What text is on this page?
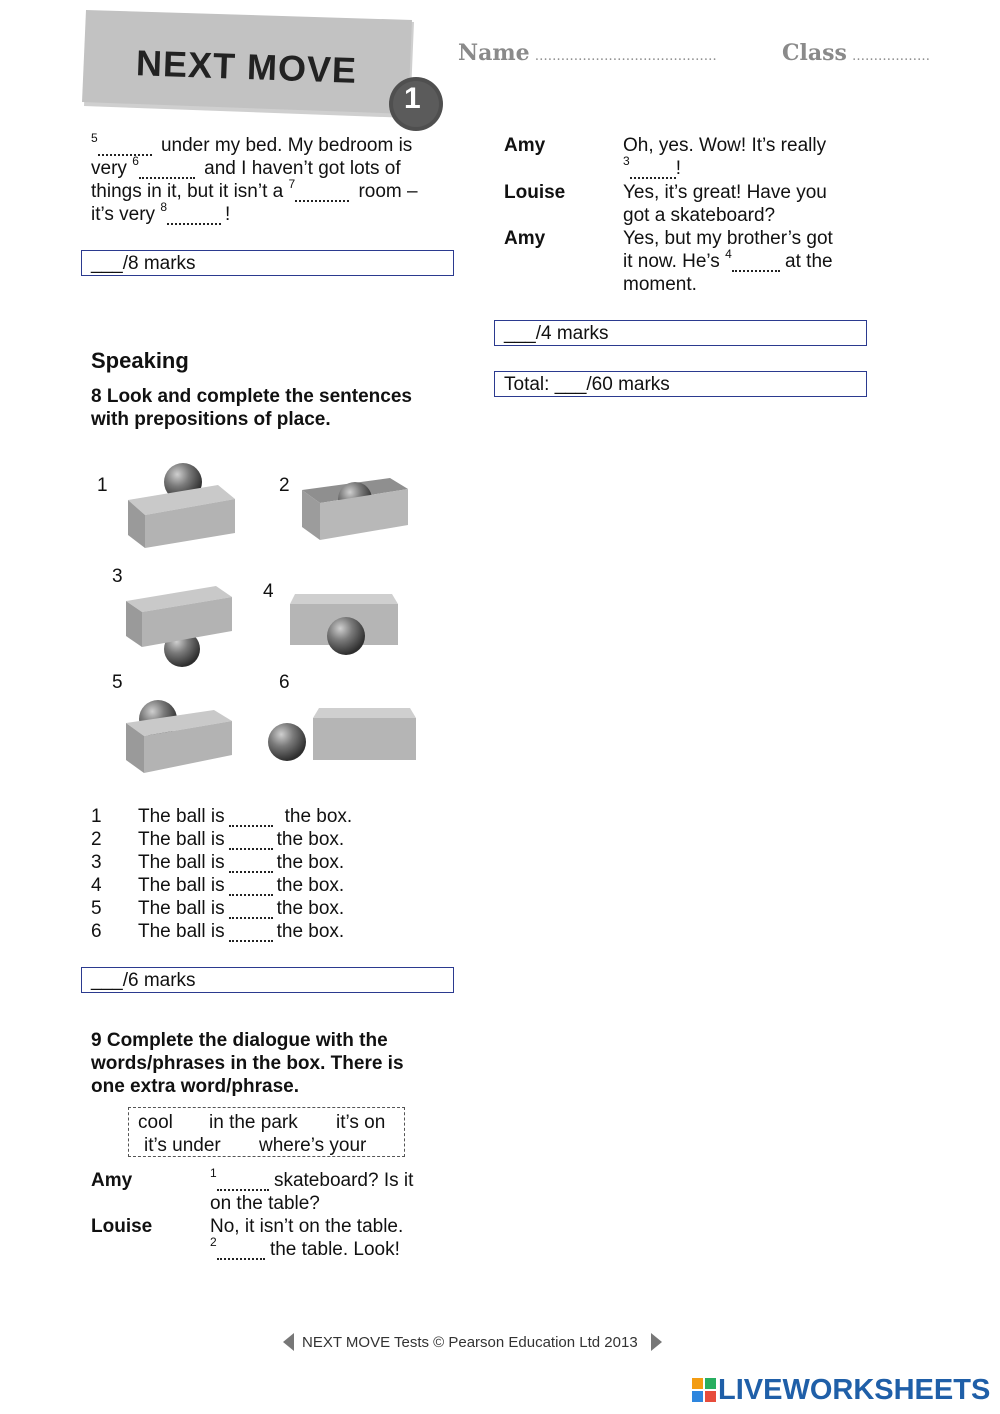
NEXT MOVE
1
Name ……………………………………	Class ………………
$^5$	under my bed. My bedroom is
very $^6$	and I haven’t got lots of
things in it, but it isn’t a $^7$	room –
it’s very $^8$	!
___/8 marks
Speaking
8 Look and complete the sentences
with prepositions of place.
1	2
3
4
5	6
1 The ball is	the box.
2 The ball is	the box.
3 The ball is	the box.
4 The ball is	the box.
5 The ball is	the box.
6 The ball is	the box.
___/6 marks
9 Complete the dialogue with the
words/phrases in the box. There is
one extra word/phrase.
cool in the park it’s on
it’s under where’s your
Amy	$^1$	skateboard? Is it
on the table?
Louise	No, it isn’t on the table.
$^2$	the table. Look!
Amy	Oh, yes. Wow! It’s really
$^3$ !
Louise	Yes, it’s great! Have you
got a skateboard?
Amy	Yes, but my brother’s got
it now. He’s $^4$	at the
moment.
___/4 marks
Total: ___/60 marks
NEXT MOVE Tests © Pearson Education Ltd 2013
LIVEWORKSHEETS
